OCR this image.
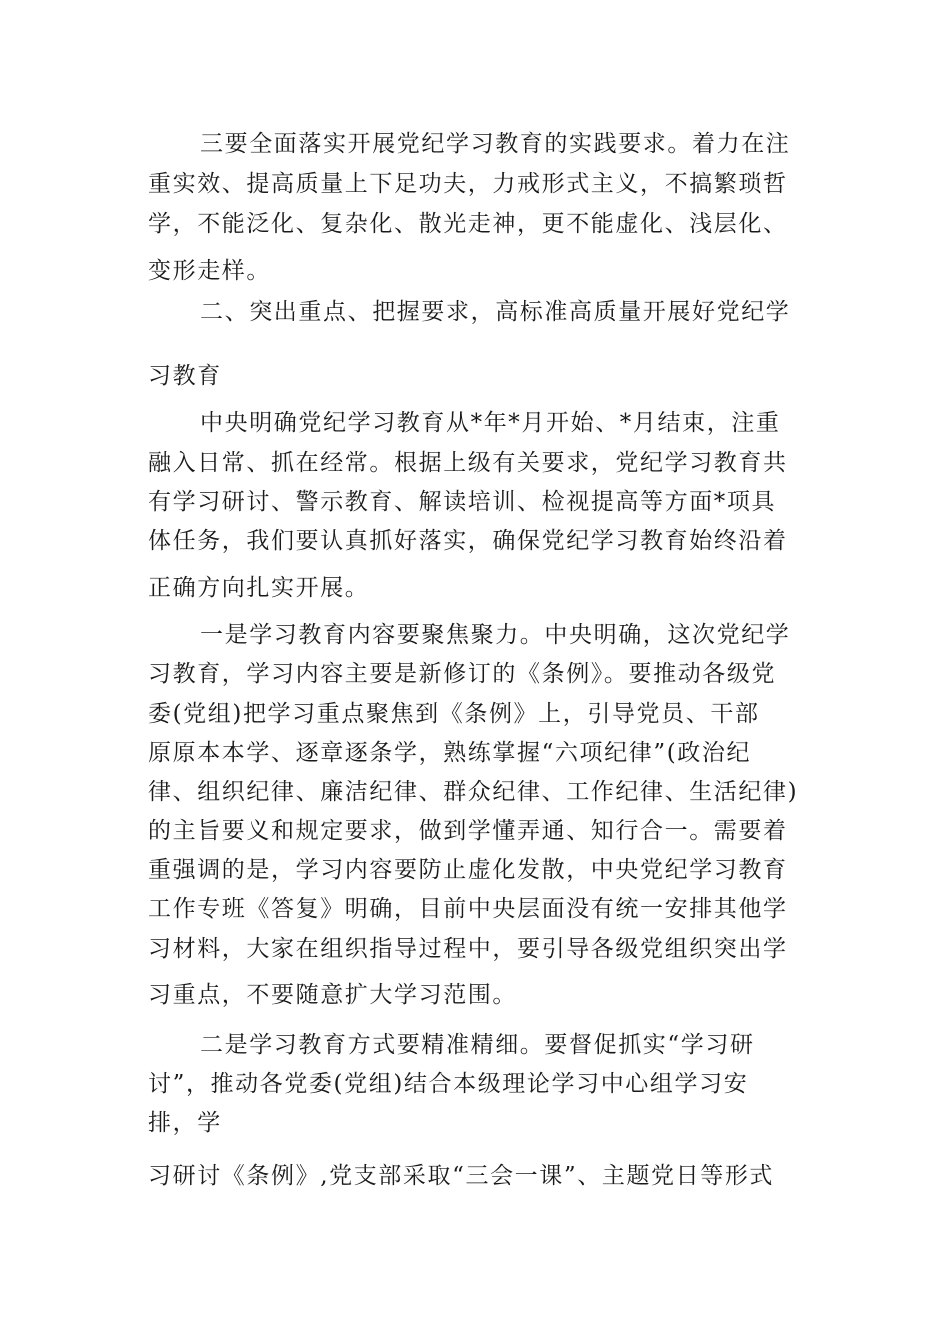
三要全面落实开展党纪学习教育的实践要求。着力在注
重实效、提高质量上下足功夫，力戒形式主义，不搞繁琐哲
学，不能泛化、复杂化、散光走神，更不能虚化、浅层化、
变形走样。
二、突出重点、把握要求，高标准高质量开展好党纪学
习教育
中央明确党纪学习教育从*年*月开始、*月结束，注重
融入日常、抓在经常。根据上级有关要求，党纪学习教育共
有学习研讨、警示教育、解读培训、检视提高等方面*项具
体任务，我们要认真抓好落实，确保党纪学习教育始终沿着
正确方向扎实开展。
一是学习教育内容要聚焦聚力。中央明确，这次党纪学
习教育，学习内容主要是新修订的《条例》。要推动各级党
委(党组)把学习重点聚焦到《条例》上，引导党员、干部
原原本本学、逐章逐条学，熟练掌握“六项纪律”(政治纪
律、组织纪律、廉洁纪律、群众纪律、工作纪律、生活纪律)
的主旨要义和规定要求，做到学懂弄通、知行合一。需要着
重强调的是，学习内容要防止虚化发散，中央党纪学习教育
工作专班《答复》明确，目前中央层面没有统一安排其他学
习材料，大家在组织指导过程中，要引导各级党组织突出学
习重点，不要随意扩大学习范围。
二是学习教育方式要精准精细。要督促抓实“学习研
讨”，推动各党委(党组)结合本级理论学习中心组学习安
排，学
习研讨《条例》,党支部采取“三会一课”、主题党日等形式
